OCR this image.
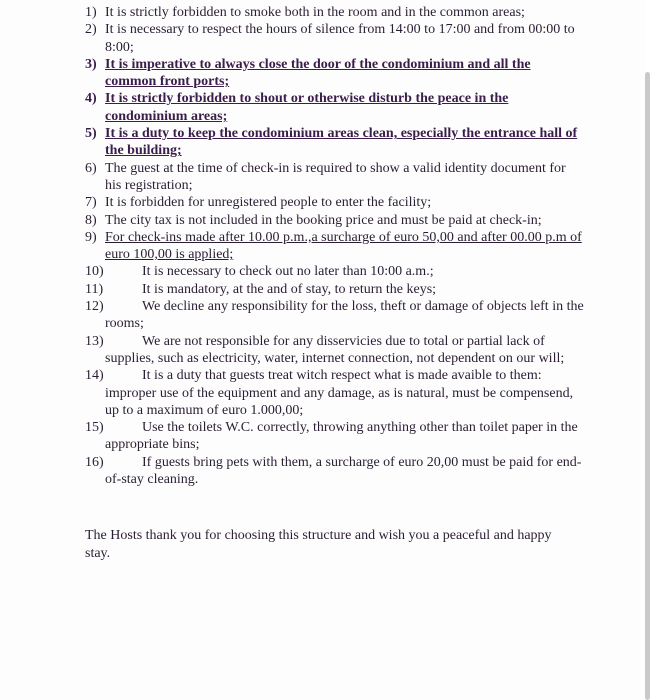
1) It is strictly forbidden to smoke both in the room and in the common areas;
2) It is necessary to respect the hours of silence from 14:00 to 17:00 and from 00:00 to 8:00;
3) It is imperative to always close the door of the condominium and all the common front ports;
4) It is strictly forbidden to shout or otherwise disturb the peace in the condominium areas;
5) It is a duty to keep the condominium areas clean, especially the entrance hall of the building;
6) The guest at the time of check-in is required to show a valid identity document for his registration;
7) It is forbidden for unregistered people to enter the facility;
8) The city tax is not included in the booking price and must be paid at check-in;
9) For check-ins made after 10.00 p.m.,a surcharge of euro 50,00 and after 00.00 p.m of euro 100,00 is applied;
10)	It is necessary to check out no later than 10:00 a.m.;
11)	It is mandatory, at the and of stay, to return the keys;
12)	We decline any responsibility for the loss, theft or damage of objects left in the rooms;
13)	We are not responsible for any disservicies due to total or partial lack of supplies, such as electricity, water, internet connection, not dependent on our will;
14)	It is a duty that guests treat witch respect what is made avaible to them: improper use of the equipment and any damage, as is natural, must be compensend, up to a maximum of euro 1.000,00;
15)	Use the toilets W.C. correctly, throwing anything other than toilet paper in the appropriate bins;
16)	If guests bring pets with them, a surcharge of euro 20,00 must be paid for end-of-stay cleaning.
The Hosts thank you for choosing this structure and wish you a peaceful and happy stay.
